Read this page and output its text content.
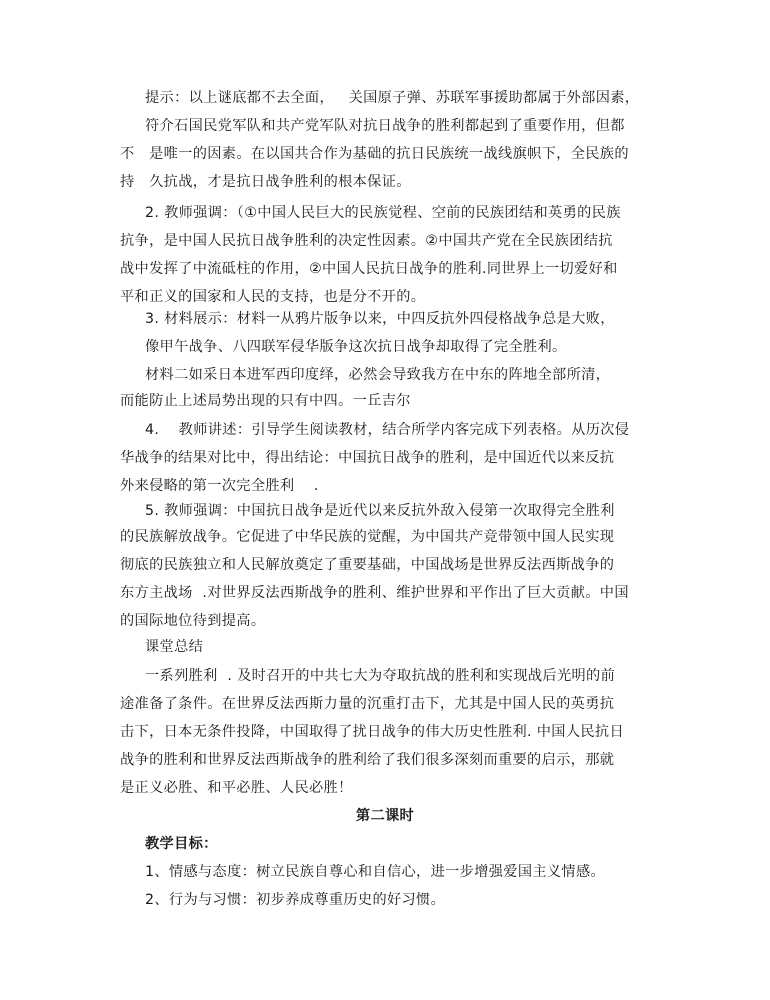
提示：以上谜底都不去全面，   关国原子弹、苏联军事援助都属于外部因素，
符介石国民党军队和共产党军队对抗日战争的胜利都起到了重要作用，但都
不   是唯一的因素。在以国共合作为基础的抗日民族统一战线旗帜下，全民族的
持   久抗战，才是抗日战争胜利的根本保证。
2. 教师强调：（①中国人民巨大的民族觉程、空前的民族团结和英勇的民族
抗争，是中国人民抗日战争胜利的决定性因素。②中国共产党在全民族团结抗
战中发挥了中流砥柱的作用，②中国人民抗日战争的胜利.同世界上一切爱好和
平和正义的国家和人民的支持，也是分不开的。
3. 材料展示：材料一从鸦片版争以来，中四反抗外四侵格战争总是大败，
像甲午战争、八四联军侵华版争这次抗日战争却取得了完全胜利。
材料二如采日本进军西印度绎，必然会导致我方在中东的阵地全部所清，
而能防止上述局势出现的只有中四。一丘吉尔
4.    教师讲述：引导学生阅读教材，结合所学内客完成下列表格。从历次侵
华战争的结果对比中，得出结论：中国抗日战争的胜利，是中国近代以来反抗
外来侵略的第一次完全胜利    .
5. 教师强调：中国抗日战争是近代以来反抗外敌入侵第一次取得完全胜利
的民族解放战争。它促进了中华民族的觉醒，为中国共产竞带领中国人民实现
彻底的民族独立和人民解放奠定了重要基础，中国战场是世界反法西斯战争的
东方主战场  .对世界反法西斯战争的胜利、维护世界和平作出了巨大贡献。中国
的国际地位待到提高。
课堂总结
一系列胜利  . 及时召开的中共七大为夺取抗战的胜利和实现战后光明的前
途准备了条件。在世界反法西斯力量的沉重打击下，尤其是中国人民的英勇抗
击下，日本无条件投降，中国取得了扰日战争的伟大历史性胜利. 中国人民抗日
战争的胜利和世界反法西斯战争的胜利给了我们很多深刻而重要的启示，那就
是正义必胜、和平必胜、人民必胜！
第二课时
教学目标：
1、情感与态度：树立民族自尊心和自信心，进一步增强爱国主义情感。
2、行为与习惯：初步养成尊重历史的好习惯。
